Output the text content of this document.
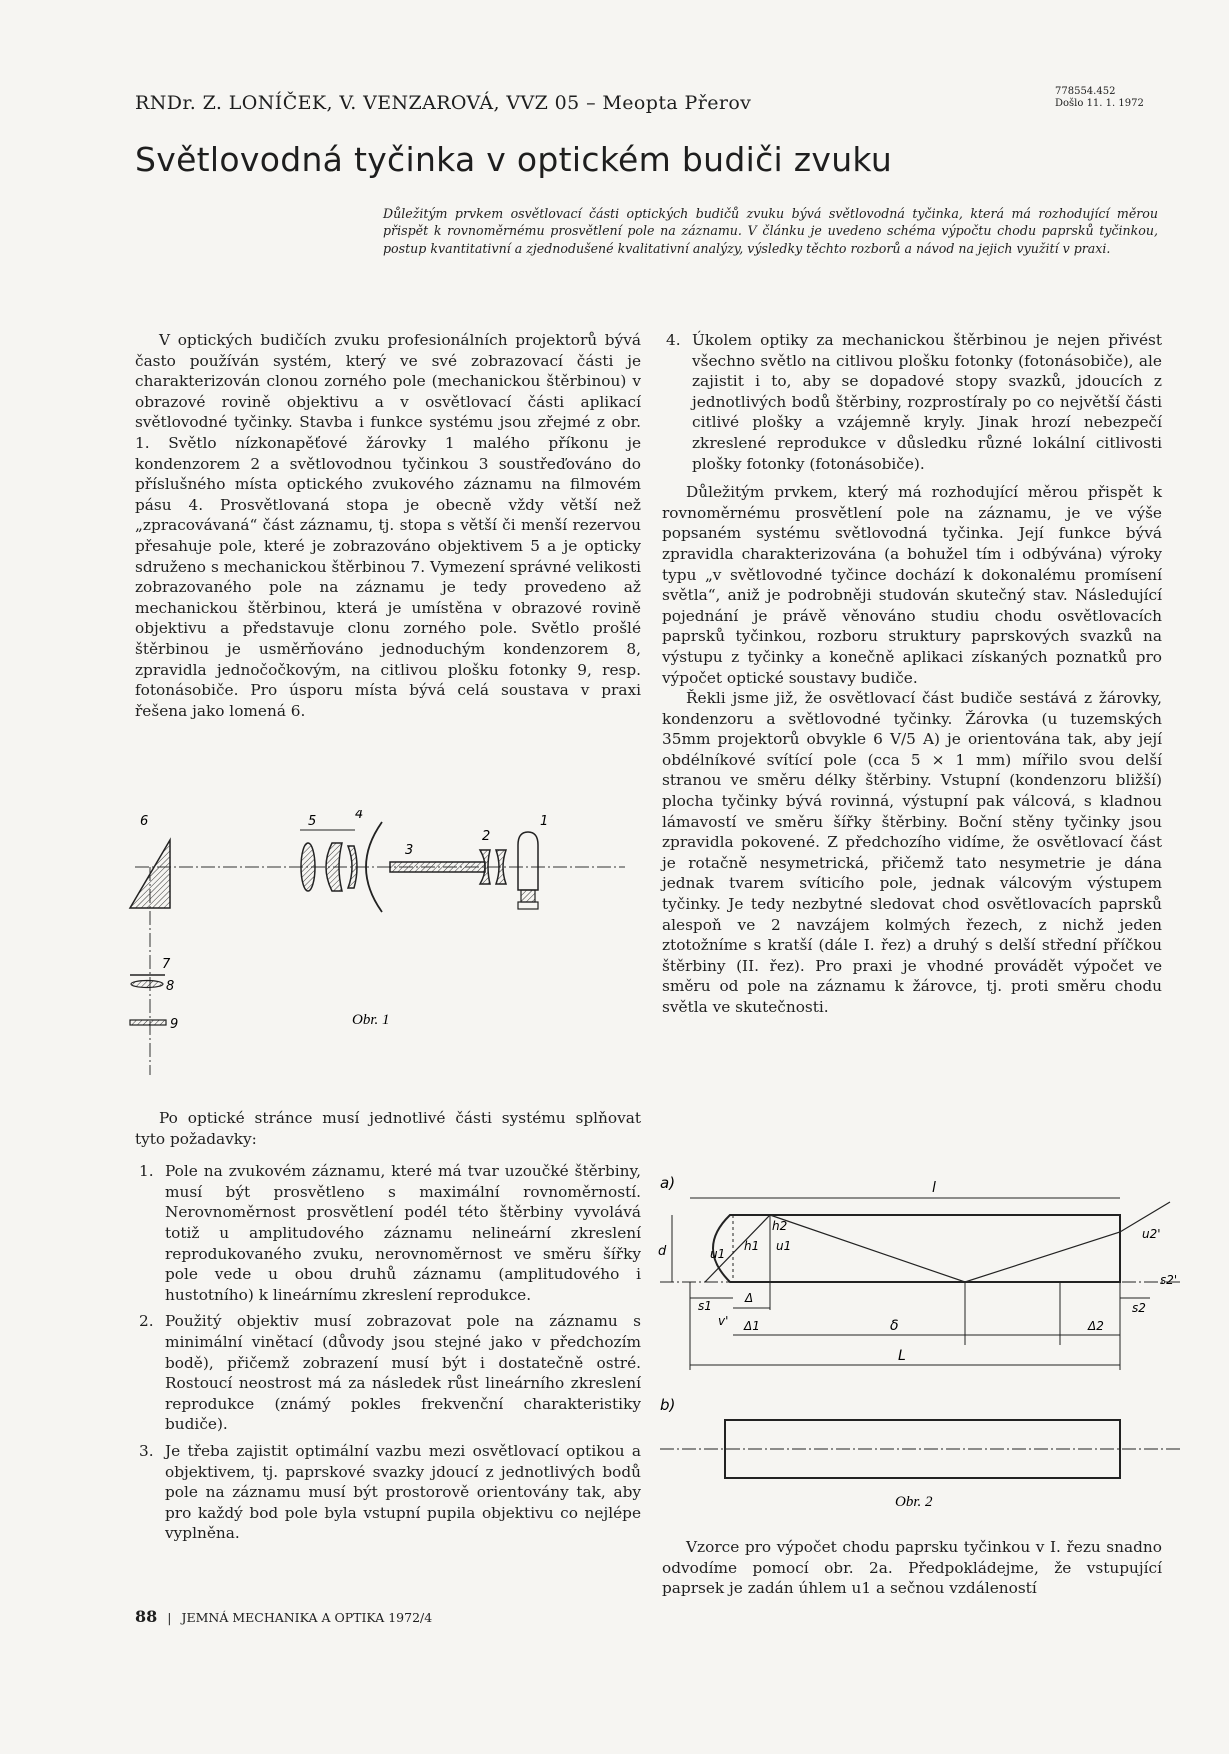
RNDr. Z. LONÍČEK, V. VENZAROVÁ, VVZ 05 – Meopta Přerov
778554.452
Došlo 11. 1. 1972
Světlovodná tyčinka v optickém budiči zvuku
Důležitým prvkem osvětlovací části optických budičů zvuku bývá světlovodná tyčinka, která má rozhodující měrou přispět k rovnoměrnému prosvětlení pole na záznamu. V článku je uvedeno schéma výpočtu chodu paprsků tyčinkou, postup kvantitativní a zjednodušené kvalitativní analýzy, výsledky těchto rozborů a návod na jejich využití v praxi.

V optických budičích zvuku profesionálních projektorů bývá často používán systém, který ve své zobrazovací části je charakterizován clonou zorného pole (mechanickou štěrbinou) v obrazové rovině objektivu a v osvětlovací části aplikací světlovodné tyčinky. Stavba i funkce systému jsou zřejmé z obr. 1. Světlo nízkonapěťové žárovky 1 malého příkonu je kondenzorem 2 a světlovodnou tyčinkou 3 soustřeďováno do příslušného místa optického zvukového záznamu na filmovém pásu 4. Prosvětlovaná stopa je obecně vždy větší než „zpracovávaná“ část záznamu, tj. stopa s větší či menší rezervou přesahuje pole, které je zobrazováno objektivem 5 a je opticky sdruženo s mechanickou štěrbinou 7. Vymezení správné velikosti zobrazovaného pole na záznamu je tedy provedeno až mechanickou štěrbinou, která je umístěna v obrazové rovině objektivu a představuje clonu zorného pole. Světlo prošlé štěrbinou je usměrňováno jednoduchým kondenzorem 8, zpravidla jednočočkovým, na citlivou plošku fotonky 9, resp. fotonásobiče. Pro úsporu místa bývá celá soustava v praxi řešena jako lomená 6.

6	5	4
3
2
1
7
8
9	Obr. 1

Po optické stránce musí jednotlivé části systému splňovat tyto požadavky:

1. Pole na zvukovém záznamu, které má tvar uzoučké štěrbiny, musí být prosvětleno s maximální rovnoměrností. Nerovnoměrnost prosvětlení podél této štěrbiny vyvolává totiž u amplitudového záznamu nelineární zkreslení reprodukovaného zvuku, nerovnoměrnost ve směru šířky pole vede u obou druhů záznamu (amplitudového i hustotního) k lineárnímu zkreslení reprodukce.
2. Použitý objektiv musí zobrazovat pole na záznamu s minimální vinětací (důvody jsou stejné jako v předchozím bodě), přičemž zobrazení musí být i dostatečně ostré. Rostoucí neostrost má za následek růst lineárního zkreslení reprodukce (známý pokles frekvenční charakteristiky budiče).
3. Je třeba zajistit optimální vazbu mezi osvětlovací optikou a objektivem, tj. paprskové svazky jdoucí z jednotlivých bodů pole na záznamu musí být prostorově orientovány tak, aby pro každý bod pole byla vstupní pupila objektivu co nejlépe vyplněna.
4. Úkolem optiky za mechanickou štěrbinou je nejen přivést všechno světlo na citlivou plošku fotonky (fotonásobiče), ale zajistit i to, aby se dopadové stopy svazků, jdoucích z jednotlivých bodů štěrbiny, rozprostíraly po co největší části citlivé plošky a vzájemně kryly. Jinak hrozí nebezpečí zkreslené reprodukce v důsledku různé lokální citlivosti plošky fotonky (fotonásobiče).

Důležitým prvkem, který má rozhodující měrou přispět k rovnoměrnému prosvětlení pole na záznamu, je ve výše popsaném systému světlovodná tyčinka. Její funkce bývá zpravidla charakterizována (a bohužel tím i odbývána) výroky typu „v světlovodné tyčince dochází k dokonalému promísení světla“, aniž je podrobněji studován skutečný stav. Následující pojednání je právě věnováno studiu chodu osvětlovacích paprsků tyčinkou, rozboru struktury paprskových svazků na výstupu z tyčinky a konečně aplikaci získaných poznatků pro výpočet optické soustavy budiče.

Řekli jsme již, že osvětlovací část budiče sestává z žárovky, kondenzoru a světlovodné tyčinky. Žárovka (u tuzemských 35mm projektorů obvykle 6 V/5 A) je orientována tak, aby její obdélníkové svítící pole (cca 5 × 1 mm) mířilo svou delší stranou ve směru délky štěrbiny. Vstupní (kondenzoru bližší) plocha tyčinky bývá rovinná, výstupní pak válcová, s kladnou lámavostí ve směru šířky štěrbiny. Boční stěny tyčinky jsou zpravidla pokovené. Z předchozího vidíme, že osvětlovací část je rotačně nesymetrická, přičemž tato nesymetrie je dána jednak tvarem svíticího pole, jednak válcovým výstupem tyčinky. Je tedy nezbytné sledovat chod osvětlovacích paprsků alespoň ve 2 navzájem kolmých řezech, z nichž jeden ztotožníme s kratší (dále I. řez) a druhý s delší střední příčkou štěrbiny (II. řez). Pro praxi je vhodné provádět výpočet ve směru od pole na záznamu k žárovce, tj. proti směru chodu světla ve skutečnosti.

a)	l
d	u1
h1 u1
h2
u2'
s1
Δ
v' Δ1	δ	Δ2
L
s2
s2'
b)
Obr. 2

Vzorce pro výpočet chodu paprsku tyčinkou v I. řezu snadno odvodíme pomocí obr. 2a. Předpokládejme, že vstupující paprsek je zadán úhlem u1 a sečnou vzdáleností

88 | JEMNÁ MECHANIKA A OPTIKA 1972/4
